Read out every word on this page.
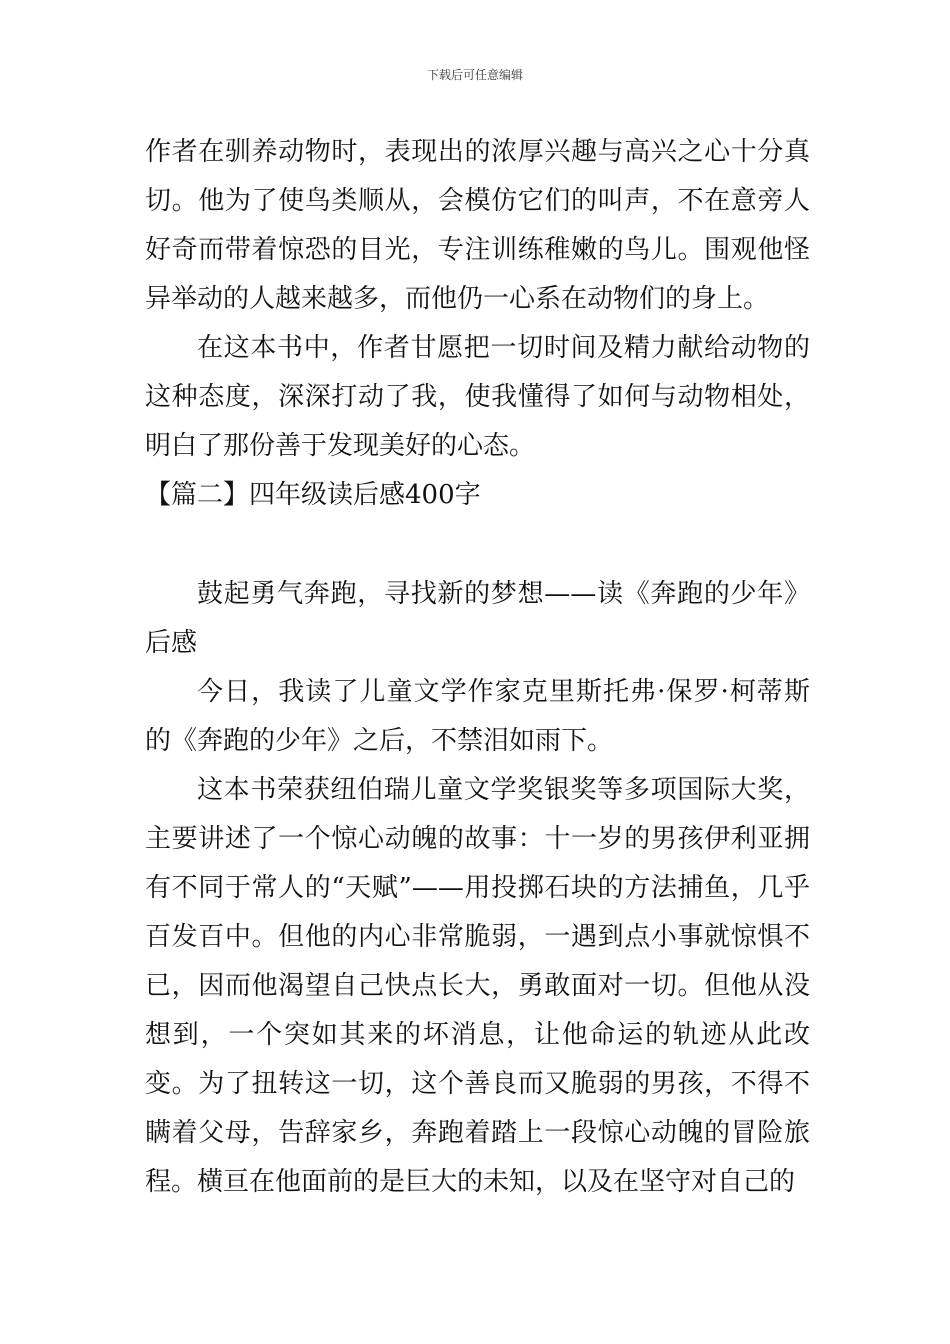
下载后可任意编辑

作者在驯养动物时，表现出的浓厚兴趣与高兴之心十分真切。他为了使鸟类顺从，会模仿它们的叫声，不在意旁人好奇而带着惊恐的目光，专注训练稚嫩的鸟儿。围观他怪异举动的人越来越多，而他仍一心系在动物们的身上。

在这本书中，作者甘愿把一切时间及精力献给动物的这种态度，深深打动了我，使我懂得了如何与动物相处，明白了那份善于发现美好的心态。

【篇二】四年级读后感400字

鼓起勇气奔跑，寻找新的梦想——读《奔跑的少年》后感

今日，我读了儿童文学作家克里斯托弗·保罗·柯蒂斯的《奔跑的少年》之后，不禁泪如雨下。

这本书荣获纽伯瑞儿童文学奖银奖等多项国际大奖，主要讲述了一个惊心动魄的故事：十一岁的男孩伊利亚拥有不同于常人的“天赋”——用投掷石块的方法捕鱼，几乎百发百中。但他的内心非常脆弱，一遇到点小事就惊惧不已，因而他渴望自己快点长大，勇敢面对一切。但他从没想到，一个突如其来的坏消息，让他命运的轨迹从此改变。为了扭转这一切，这个善良而又脆弱的男孩，不得不瞒着父母，告辞家乡，奔跑着踏上一段惊心动魄的冒险旅程。横亘在他面前的是巨大的未知，以及在坚守对自己的
